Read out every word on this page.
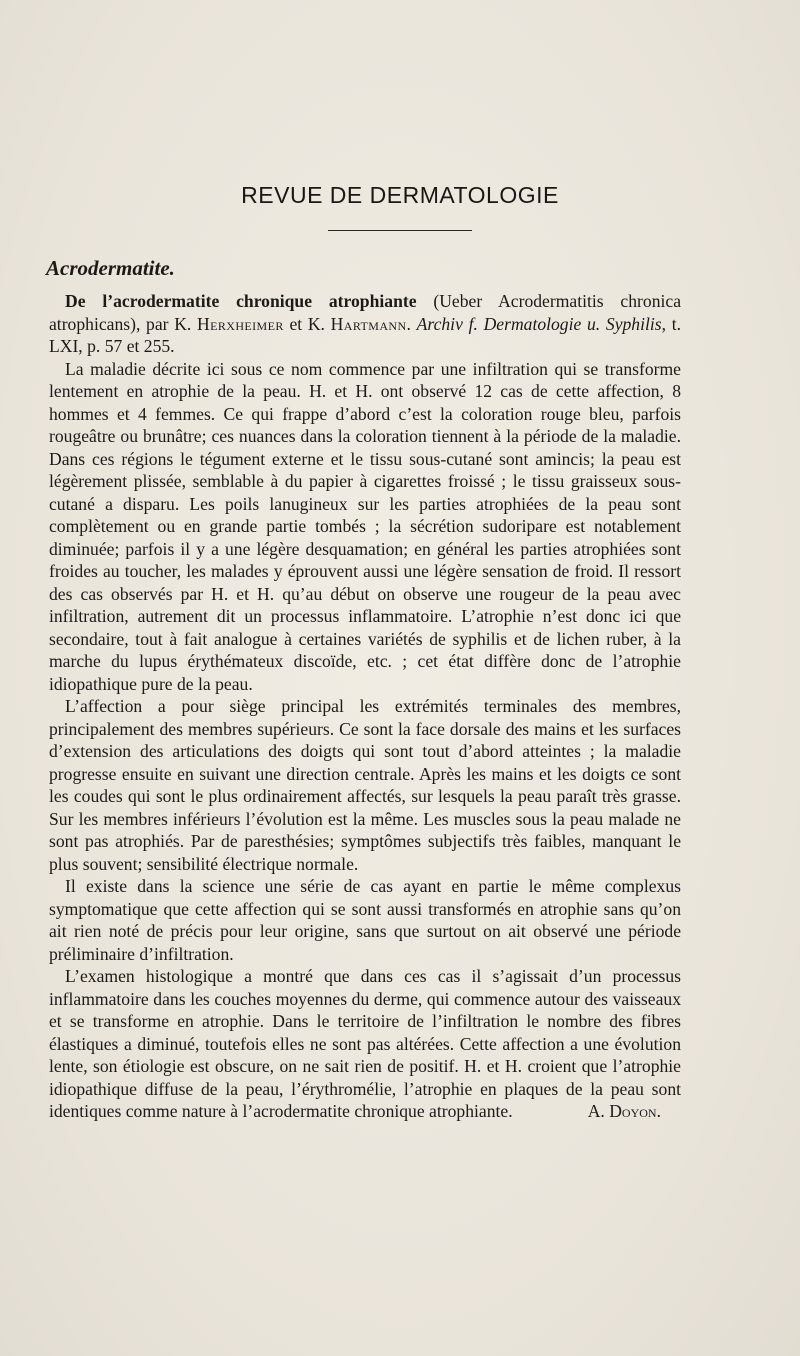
REVUE DE DERMATOLOGIE
Acrodermatite.

De l’acrodermatite chronique atrophiante (Ueber Acrodermatitis chronica atrophicans), par K. Herxheimer et K. Hartmann. Archiv f. Dermatologie u. Syphilis, t. LXI, p. 57 et 255.

La maladie décrite ici sous ce nom commence par une infiltration qui se transforme lentement en atrophie de la peau. H. et H. ont observé 12 cas de cette affection, 8 hommes et 4 femmes. Ce qui frappe d’abord c’est la coloration rouge bleu, parfois rougeâtre ou brunâtre; ces nuances dans la coloration tiennent à la période de la maladie. Dans ces régions le tégument externe et le tissu sous-cutané sont amincis; la peau est légèrement plissée, semblable à du papier à cigarettes froissé ; le tissu graisseux sous-cutané a disparu. Les poils lanugineux sur les parties atrophiées de la peau sont complètement ou en grande partie tombés ; la sécrétion sudoripare est notablement diminuée; parfois il y a une légère desquamation; en général les parties atrophiées sont froides au toucher, les malades y éprouvent aussi une légère sensation de froid. Il ressort des cas observés par H. et H. qu’au début on observe une rougeur de la peau avec infiltration, autrement dit un processus inflammatoire. L’atrophie n’est donc ici que secondaire, tout à fait analogue à certaines variétés de syphilis et de lichen ruber, à la marche du lupus érythémateux discoïde, etc. ; cet état diffère donc de l’atrophie idiopathique pure de la peau.

L’affection a pour siège principal les extrémités terminales des membres, principalement des membres supérieurs. Ce sont la face dorsale des mains et les surfaces d’extension des articulations des doigts qui sont tout d’abord atteintes ; la maladie progresse ensuite en suivant une direction centrale. Après les mains et les doigts ce sont les coudes qui sont le plus ordinairement affectés, sur lesquels la peau paraît très grasse. Sur les membres inférieurs l’évolution est la même. Les muscles sous la peau malade ne sont pas atrophiés. Par de paresthésies; symptômes subjectifs très faibles, manquant le plus souvent; sensibilité électrique normale.

Il existe dans la science une série de cas ayant en partie le même complexus symptomatique que cette affection qui se sont aussi transformés en atrophie sans qu’on ait rien noté de précis pour leur origine, sans que surtout on ait observé une période préliminaire d’infiltration.

L’examen histologique a montré que dans ces cas il s’agissait d’un processus inflammatoire dans les couches moyennes du derme, qui commence autour des vaisseaux et se transforme en atrophie. Dans le territoire de l’infiltration le nombre des fibres élastiques a diminué, toutefois elles ne sont pas altérées. Cette affection a une évolution lente, son étiologie est obscure, on ne sait rien de positif. H. et H. croient que l’atrophie idiopathique diffuse de la peau, l’érythromélie, l’atrophie en plaques de la peau sont identiques comme nature à l’acrodermatite chronique atrophiante.	A. Doyon.
